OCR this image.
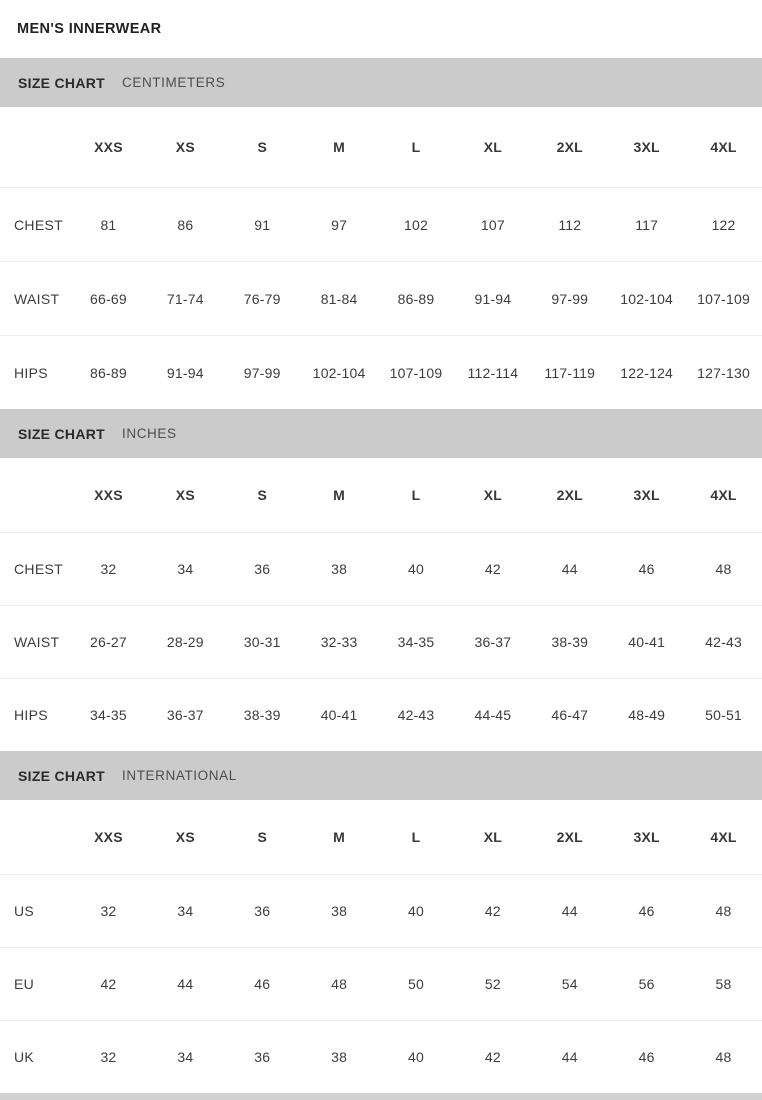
MEN'S INNERWEAR
SIZE CHART CENTIMETERS
XXS	XS	S	M	L	XL	2XL	3XL	4XL
CHEST	81	86	91	97	102	107	112	117	122
WAIST	66-69	71-74	76-79	81-84	86-89	91-94	97-99	102-104	107-109
HIPS	86-89	91-94	97-99	102-104	107-109	112-114	117-119	122-124	127-130
SIZE CHART INCHES
XXS	XS	S	M	L	XL	2XL	3XL	4XL
CHEST	32	34	36	38	40	42	44	46	48
WAIST	26-27	28-29	30-31	32-33	34-35	36-37	38-39	40-41	42-43
HIPS	34-35	36-37	38-39	40-41	42-43	44-45	46-47	48-49	50-51
SIZE CHART INTERNATIONAL
XXS	XS	S	M	L	XL	2XL	3XL	4XL
US	32	34	36	38	40	42	44	46	48
EU	42	44	46	48	50	52	54	56	58
UK	32	34	36	38	40	42	44	46	48
